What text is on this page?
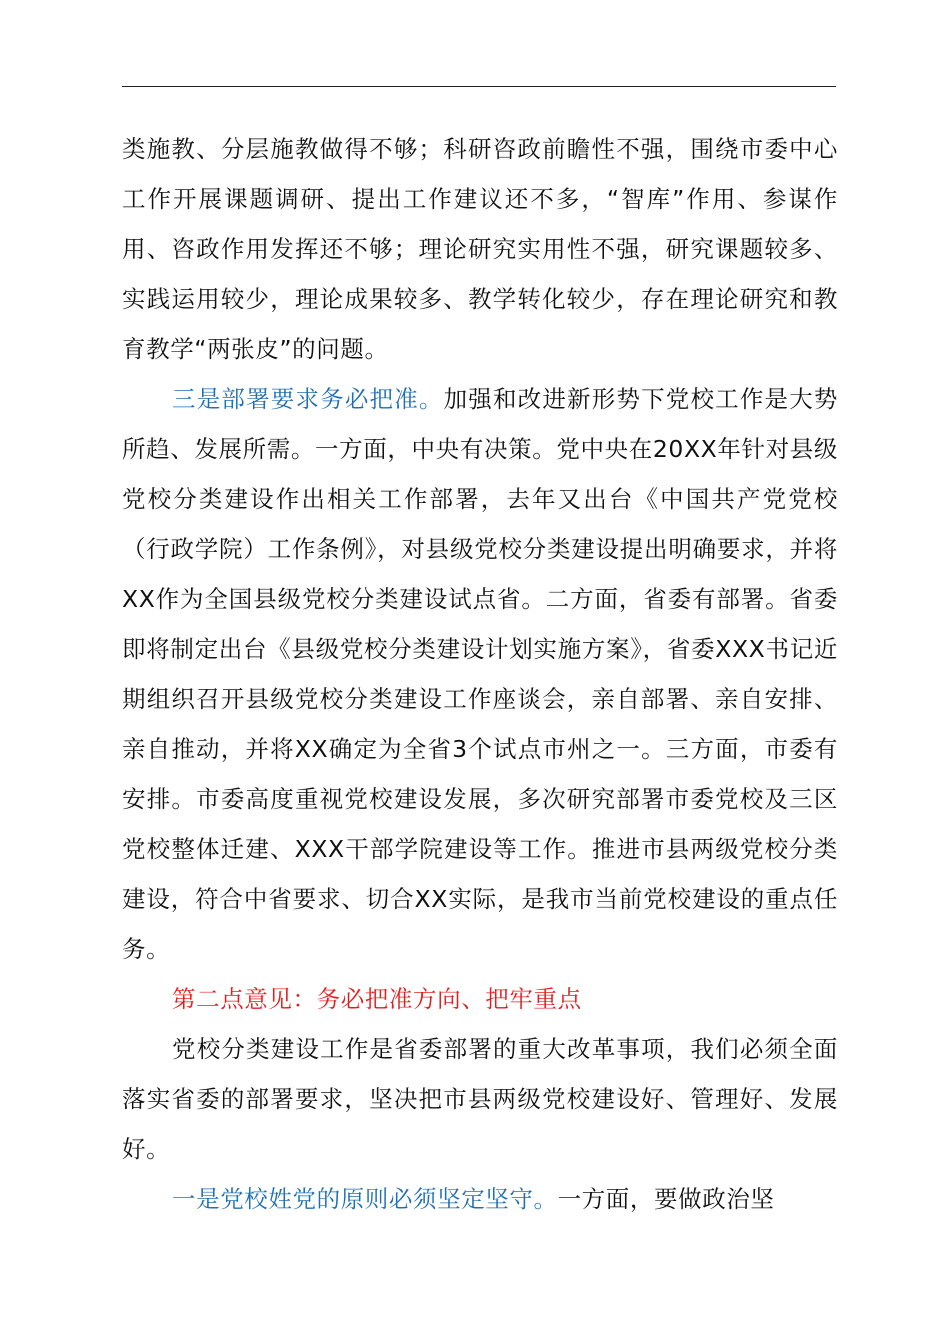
类施教、分层施教做得不够；科研咨政前瞻性不强，围绕市委中心工作开展课题调研、提出工作建议还不多，“智库”作用、参谋作用、咨政作用发挥还不够；理论研究实用性不强，研究课题较多、实践运用较少，理论成果较多、教学转化较少，存在理论研究和教育教学“两张皮”的问题。

三是部署要求务必把准。加强和改进新形势下党校工作是大势所趋、发展所需。一方面，中央有决策。党中央在20XX年针对县级党校分类建设作出相关工作部署，去年又出台《中国共产党党校（行政学院）工作条例》，对县级党校分类建设提出明确要求，并将XX作为全国县级党校分类建设试点省。二方面，省委有部署。省委即将制定出台《县级党校分类建设计划实施方案》，省委XXX书记近期组织召开县级党校分类建设工作座谈会，亲自部署、亲自安排、亲自推动，并将XX确定为全省3个试点市州之一。三方面，市委有安排。市委高度重视党校建设发展，多次研究部署市委党校及三区党校整体迁建、XXX干部学院建设等工作。推进市县两级党校分类建设，符合中省要求、切合XX实际，是我市当前党校建设的重点任务。

第二点意见：务必把准方向、把牢重点

党校分类建设工作是省委部署的重大改革事项，我们必须全面落实省委的部署要求，坚决把市县两级党校建设好、管理好、发展好。

一是党校姓党的原则必须坚定坚守。一方面，要做政治坚
